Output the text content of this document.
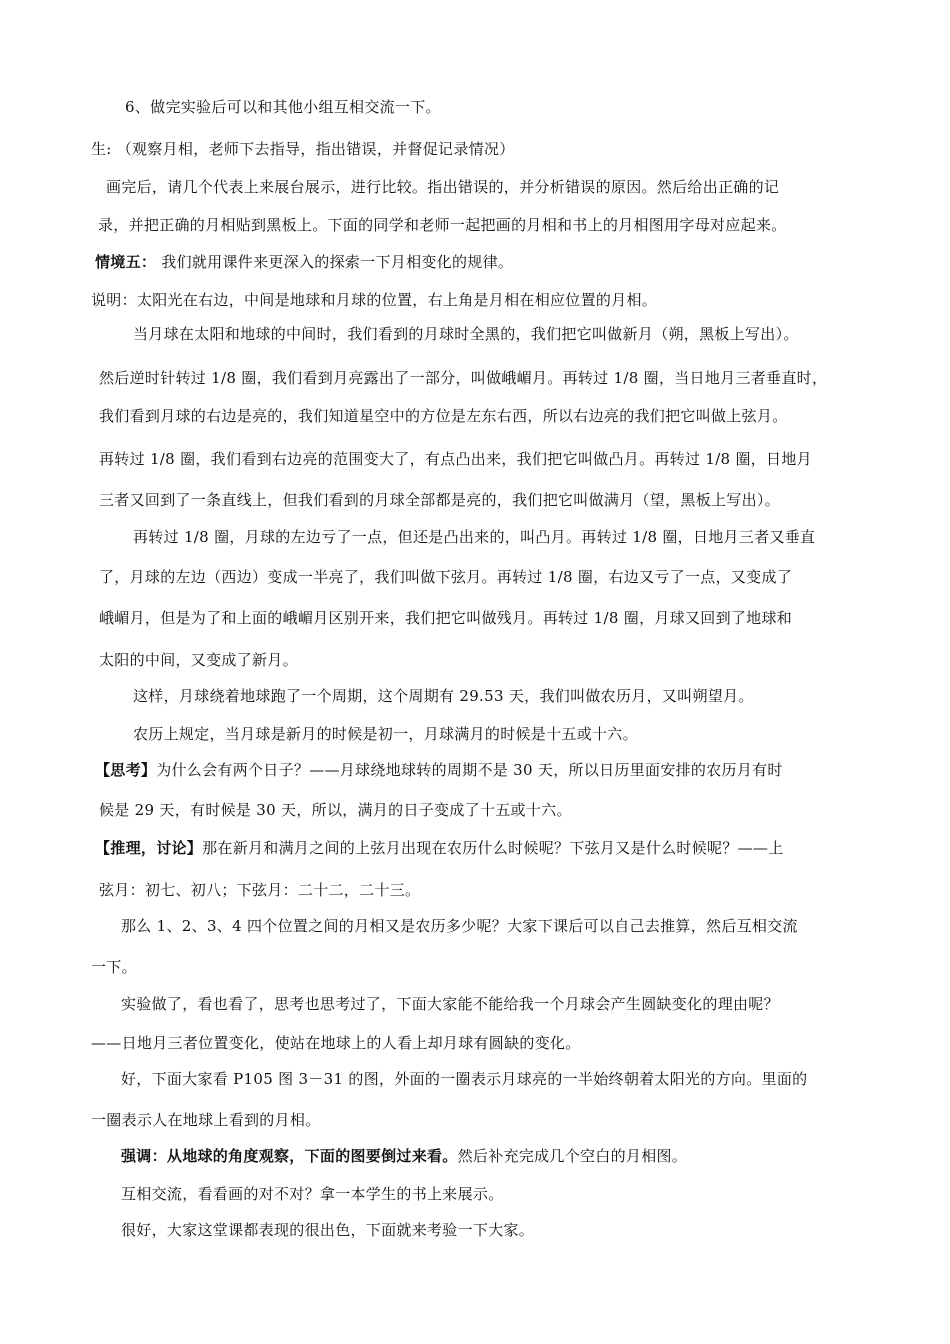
6、做完实验后可以和其他小组互相交流一下。
生: （观察月相，老师下去指导，指出错误，并督促记录情况）
画完后，请几个代表上来展台展示，进行比较。指出错误的，并分析错误的原因。然后给出正确的记
录，并把正确的月相贴到黑板上。下面的同学和老师一起把画的月相和书上的月相图用字母对应起来。
情境五： 我们就用课件来更深入的探索一下月相变化的规律。
说明：太阳光在右边，中间是地球和月球的位置，右上角是月相在相应位置的月相。
当月球在太阳和地球的中间时，我们看到的月球时全黑的，我们把它叫做新月（朔，黑板上写出）。
然后逆时针转过 1/8 圈，我们看到月亮露出了一部分，叫做峨嵋月。再转过 1/8 圈，当日地月三者垂直时，
我们看到月球的右边是亮的，我们知道星空中的方位是左东右西，所以右边亮的我们把它叫做上弦月。
再转过 1/8 圈，我们看到右边亮的范围变大了，有点凸出来，我们把它叫做凸月。再转过 1/8 圈，日地月
三者又回到了一条直线上，但我们看到的月球全部都是亮的，我们把它叫做满月（望，黑板上写出）。
再转过 1/8 圈，月球的左边亏了一点，但还是凸出来的，叫凸月。再转过 1/8 圈，日地月三者又垂直
了，月球的左边（西边）变成一半亮了，我们叫做下弦月。再转过 1/8 圈，右边又亏了一点，又变成了
峨嵋月，但是为了和上面的峨嵋月区别开来，我们把它叫做残月。再转过 1/8 圈，月球又回到了地球和
太阳的中间，又变成了新月。
这样，月球绕着地球跑了一个周期，这个周期有 29.53 天，我们叫做农历月，又叫朔望月。
农历上规定，当月球是新月的时候是初一，月球满月的时候是十五或十六。
【思考】为什么会有两个日子？——月球绕地球转的周期不是 30 天，所以日历里面安排的农历月有时
候是 29 天，有时候是 30 天，所以，满月的日子变成了十五或十六。
【推理，讨论】那在新月和满月之间的上弦月出现在农历什么时候呢？下弦月又是什么时候呢？——上
弦月：初七、初八；下弦月：二十二，二十三。
那么 1、2、3、4 四个位置之间的月相又是农历多少呢？大家下课后可以自己去推算，然后互相交流
一下。
实验做了，看也看了，思考也思考过了，下面大家能不能给我一个月球会产生圆缺变化的理由呢？
——日地月三者位置变化，使站在地球上的人看上却月球有圆缺的变化。
好，下面大家看 P105 图 3－31 的图，外面的一圈表示月球亮的一半始终朝着太阳光的方向。里面的
一圈表示人在地球上看到的月相。
强调：从地球的角度观察，下面的图要倒过来看。然后补充完成几个空白的月相图。
互相交流，看看画的对不对？拿一本学生的书上来展示。
很好，大家这堂课都表现的很出色，下面就来考验一下大家。
